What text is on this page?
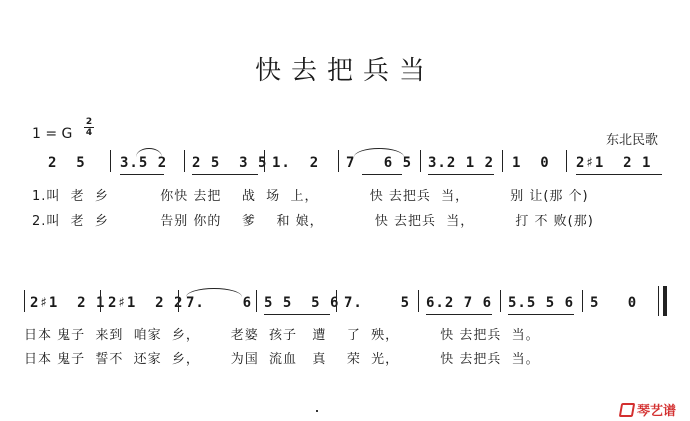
快去把兵当
1 = G
2
4	东北民歌
2  5 3.5 2 2 5  3 5 1.  2 7   6 5 3.2 1 2 1  0 2♯1  2 1
1.叫  老  乡          你快 去把    战  场  上，          快 去把兵  当，        别 让(那 个)
2.叫  老  乡          告别 你的    爹    和 娘，          快 去把兵  当，        打 不 败(那)
2♯1  2 1 2♯1  2 2 7.    6 5 5  5 6 7.    5 6.2 7 6 5.5 5 6 5   0
日本 鬼子  来到  咱家  乡，      老婆  孩子   遭    了  殃，        快 去把兵  当。
日本 鬼子  誓不  还家  乡，      为国  流血   真    荣  光，        快 去把兵  当。
琴艺谱
